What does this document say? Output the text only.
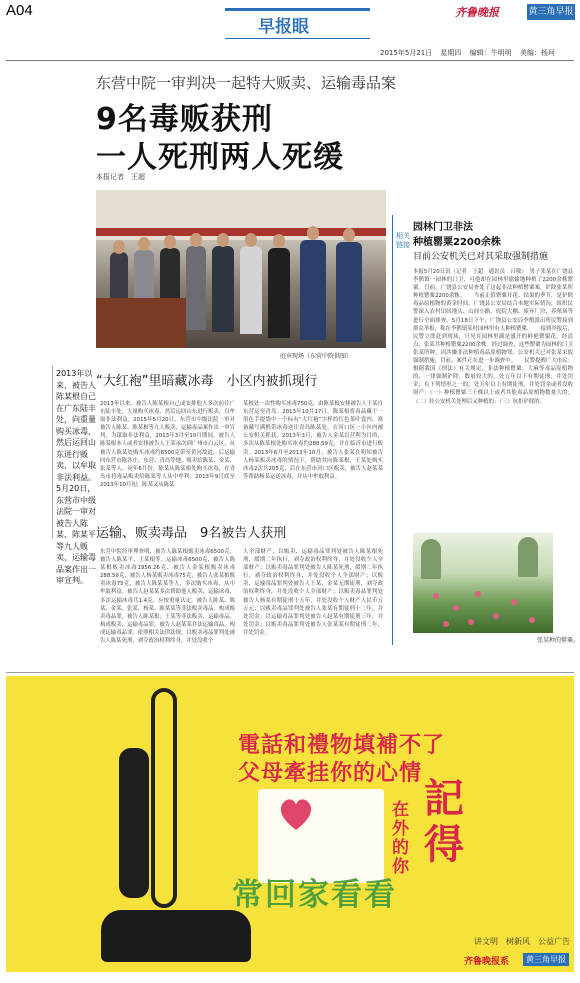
A04
早报眼
齐鲁晚报	黄三角早报
2015年5月21日 星期四 编辑：牛明明 美编：杨珂
东营中院一审判决一起特大贩卖、运输毒品案
9名毒贩获刑
一人死刑两人死缓
本报记者　王超
庭审现场（东营中院供图）
2013年以来，被告人陈某根自己在广东陆丰处，向重量购买冰毒，然后运回山东进行贩卖，以牟取非法利益。5月20日，东营市中级法院一审对被告人陈某、陈某平等九人贩卖、运输毒品案作出一审宣判。
“大红袍”里暗藏冰毒　小区内被抓现行
2013年以来，被告人陈某根自己或安排他人多次前往广东陆丰处，大量购买冰毒，然后运回山东进行贩卖，以牟取非法利益。2015年5月20日，东营市中级法院一审对被告人陈某、陈某根等九人贩卖、运输毒品案作出一审宣判。为谋取非法利益，2013年3月至10月期间，被告人陈某根本人或者安排被告人王某承次到广州市白云区，从被告人陈某处购买冰毒约6500克带至黄河故道，后运输回东营市陈各庄、东营、青岛等地，贩卖给陈某、金某、张某等人。同年6月份，陈某从陈某根处购买冰毒，在青岛市将毒品贩卖给陈某等人从中牟利。2013年9月底至2013年10月初，陈某又从陈某
某根处一次性购买冰毒750克，由陈某根安排被告人王某自东营运至青岛。2013年10月17日，陈某根将毒品藏于一黑色手提袋中一个标有“大红袍”字样的红色茶叶盒内，准备藏写满携带冰毒送往青岛陈某处，在河口区一小区内被公安机关抓获。2013年3月，被告人金某以营利为目的，多次从陈某根处购买冰毒约288.59克，并在临沂市进行贩卖。2013年6月至2013年10月，被告人张某在明知被告人杨某贩卖冰毒的情况下，帮助其向陈某根、王某处购买冰毒2次共205克，后在东营市河口区贩卖，被告人赵某某等帮助杨某运送冰毒，并从中牟取利益。
运输、贩卖毒品　9名被告人获刑
东营中院经审理查明，被告人陈某根贩卖冰毒6500克，被告人陈某平、王某根等，运输冰毒6500克，被告人陈某根贩卖冰毒1956.26克，被告人金某根贩卖冰毒288.59克，被告人杨某贩卖冰毒75克，被告人张某根贩卖冰毒75克，被告人陈某某等人，多次购买冰毒，从中牟取利益。被告人赵某某多次帮助他人贩卖、运输冰毒，多次运输冰毒共1.4克，应按重量认定。被告人陈某、陈某、金某、张某、杨某、陈某某等非法贩卖毒品，构成贩卖毒品罪，被告人陈某根、王某等非法贩卖、运输毒品，构成贩卖、运输毒品罪，被告人赵某某非法运输毒品，构成运输毒品罪。依照相关法律法规，以贩卖毒品罪判处被告人陈某死刑，剥夺政治权利终身，并处没收个
人全部财产；以贩卖、运输毒品罪判处被告人陈某根死刑，缓期二年执行，剥夺政治权利终身，并处没收个人全部财产；以贩卖毒品罪判处被告人陈某死刑，缓期二年执行，剥夺政治权利终身，并处没收个人全部财产；以贩卖、运输毒品罪判处被告人王某、金某无期徒刑，剥夺政治权利终身，并处没收个人全部财产；以贩卖毒品罪判处被告人杨某有期徒刑十五年，并处没收个人财产人民币五万元；以贩卖毒品罪判处被告人张某有期徒刑十二年，并处罚金；以运输毒品罪判处被告人赵某有期徒刑三年，并处罚金；以贩卖毒品罪判处被告人张某某有期徒刑二年，并处罚金。
相关链接
园林门卫非法
种植罂粟2200余株
目前公安机关已对其采取强制措施
本报5月20日讯（记者　王超　通讯员　吕敬）　男子张某在广饶县李鹊镇一园林的门卫，可他却在园林里偷偷地种植了2200余株罂粟。日前，广饶县公安局查处了这起非法种植罂粟案，铲除张某所种植罂粟2200余株。　　当前正值罂粟开花、结果的季节，是铲除毒品原植物的黄金时间。广饶县公安局结合本地实际情况，组织民警深入农村田间地头、山间小路、庭院大棚、废弃厂房、养殖场等进行全面排查。5月18日下午，广饶县公安局李鹊派出所民警接到群众举报，称在李鹊镇某村园林里有人种植罂粟。　　接到举报后，民警立即赶到现场，只见在园林里满是盛开的鲜艳罂粟花。经清点，张某共种植罂粟2200余株。经过调查，这些罂粟为园林的门卫张某所种，因涉嫌非法种植毒品原植物罪，公安机关已对张某采取强制措施，目前，案件正在进一步调查中。　　民警提醒广大市民：根据我国《刑法》有关规定，非法种植罂粟、大麻等毒品原植物的，一律强制铲除，数量较大的，处五年以下有期徒刑，并处罚金；有下列情形之一的，处五年以上有期徒刑，并处罚金或者没收财产：（一）种植罂粟三千株以上或者其他毒品原植物数量大的；（二）经公安机关处理后又种植的；（三）抗拒铲除的。
张某种的罂粟。
電話和禮物填補不了
父母牽挂你的心情
在外的你
記得
常回家看看
讲文明　树新风　公益广告
齐鲁晚报系	黄三角早报
